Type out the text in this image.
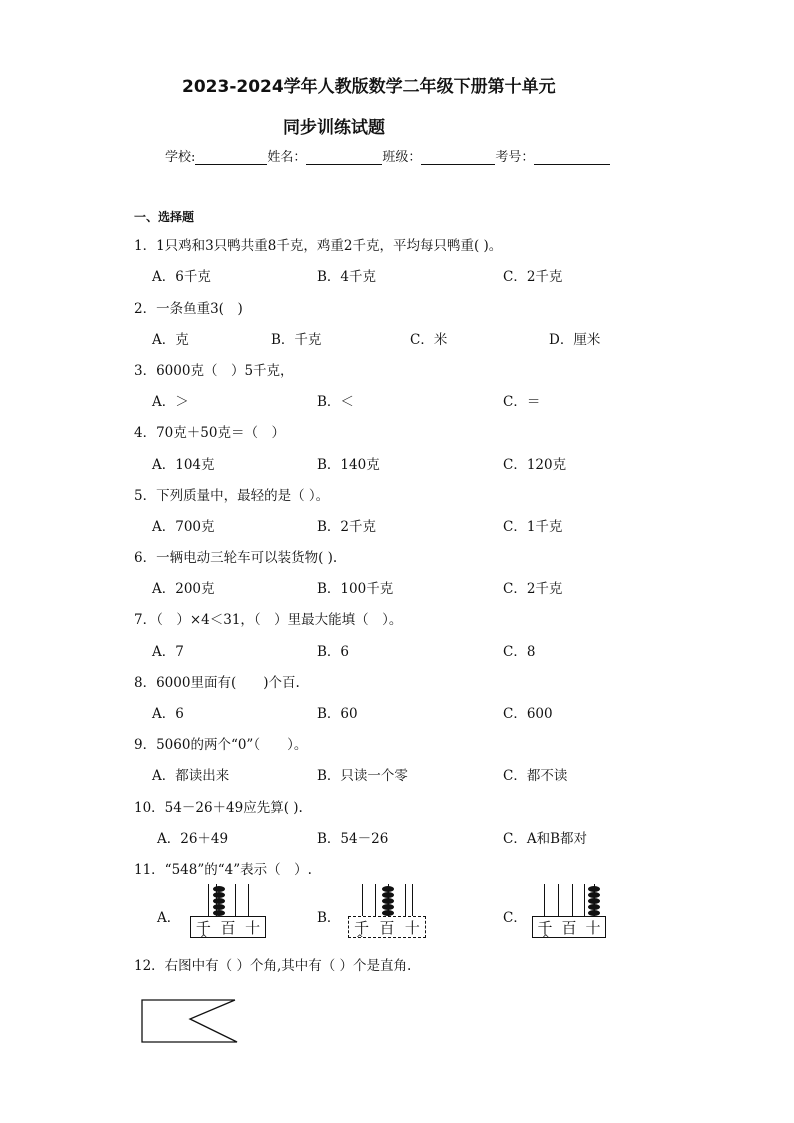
2023-2024学年人教版数学二年级下册第十单元
同步训练试题
学校:	姓名：	班级：	考号：
一、选择题
1．1只鸡和3只鸭共重8千克，鸡重2千克，平均每只鸭重( )。
A．6千克	B．4千克	C．2千克
2．一条鱼重3(　)
A．克	B．千克	C．米	D．厘米
3．6000克（　）5千克，
A．＞	B．＜	C．＝
4．70克＋50克＝（　）
A．104克	B．140克	C．120克
5．下列质量中，最轻的是（ ）。
A．700克	B．2千克	C．1千克
6．一辆电动三轮车可以装货物( ).
A．200克	B．100千克	C．2千克
7．（　）×4＜31，（　）里最大能填（　）。
A．7	B．6	C．8
8．6000里面有(　　)个百.
A．6	B．60	C．600
9．5060的两个“0”（　　）。
A．都读出来	B．只读一个零	C．都不读
10．54－26＋49应先算( ).
A．26＋49	B．54－26	C．A和B都对
11．“548”的“4”表示（　）.
A．
千 百 十
^
B．
千 百 十
^
C．
千 百 十
^
12．右图中有（ ）个角,其中有（ ）个是直角.
